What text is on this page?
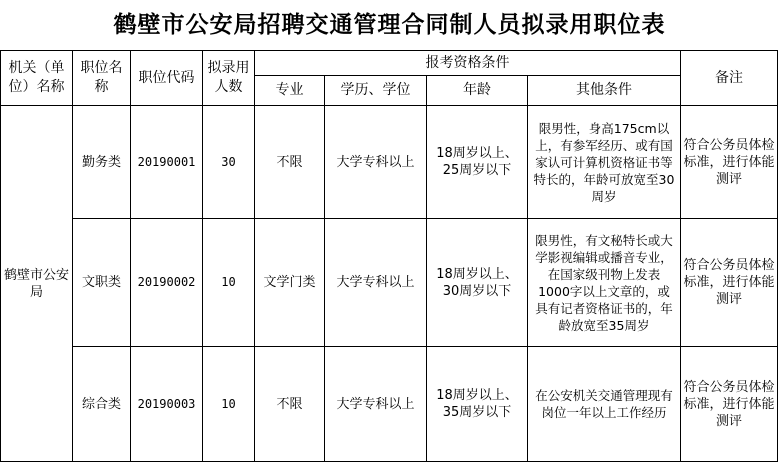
鹤壁市公安局招聘交通管理合同制人员拟录用职位表
机关（单位）名称	职位名称	职位代码	拟录用人数	报考资格条件				备注
				专业	学历、学位	年龄	其他条件	
鹤壁市公安局	勤务类	20190001	30	不限	大学专科以上	18周岁以上、25周岁以下	限男性，身高175cm以上，有参军经历、或有国家认可计算机资格证书等特长的，年龄可放宽至30周岁	符合公务员体检标准，进行体能测评
	文职类	20190002	10	文学门类	大学专科以上	18周岁以上、30周岁以下	限男性，有文秘特长或大学影视编辑或播音专业，在国家级刊物上发表1000字以上文章的，或具有记者资格证书的，年龄放宽至35周岁	符合公务员体检标准，进行体能测评
	综合类	20190003	10	不限	大学专科以上	18周岁以上、35周岁以下	在公安机关交通管理现有岗位一年以上工作经历	符合公务员体检标准，进行体能测评
